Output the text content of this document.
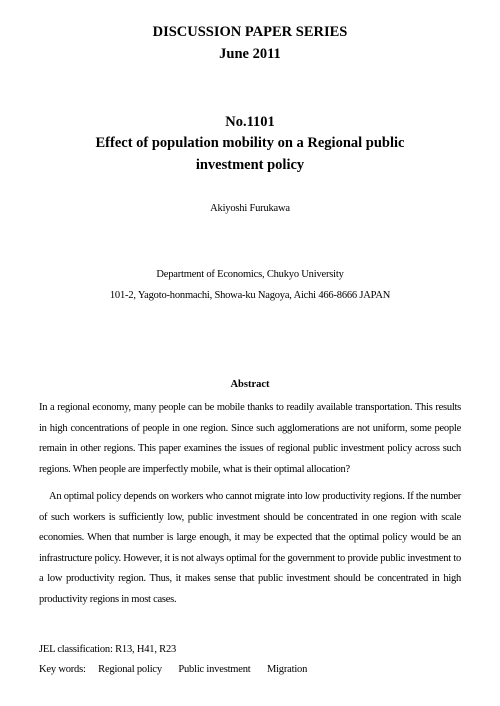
DISCUSSION PAPER SERIES
June 2011
No.1101
Effect of population mobility on a Regional public
investment policy
Akiyoshi Furukawa
Department of Economics, Chukyo University
101-2, Yagoto-honmachi, Showa-ku Nagoya, Aichi 466-8666 JAPAN
Abstract
In a regional economy, many people can be mobile thanks to readily available transportation. This results in high concentrations of people in one region. Since such agglomerations are not uniform, some people remain in other regions. This paper examines the issues of regional public investment policy across such regions. When people are imperfectly mobile, what is their optimal allocation?
An optimal policy depends on workers who cannot migrate into low productivity regions. If the number of such workers is sufficiently low, public investment should be concentrated in one region with scale economies. When that number is large enough, it may be expected that the optimal policy would be an infrastructure policy. However, it is not always optimal for the government to provide public investment to a low productivity region. Thus, it makes sense that public investment should be concentrated in high productivity regions in most cases.
JEL classification: R13, H41, R23
Key words: Regional policy Public investment Migration
